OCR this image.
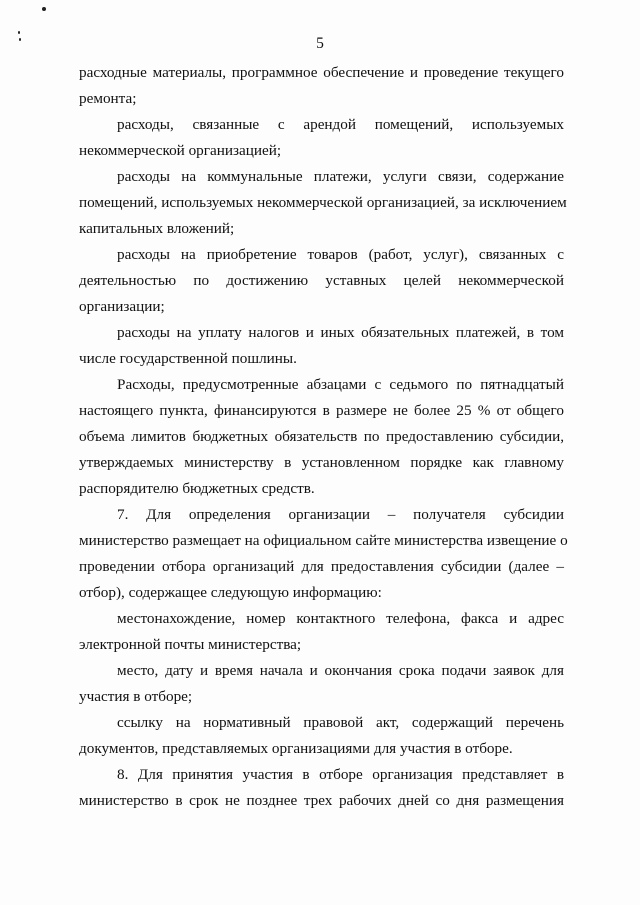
5
расходные материалы, программное обеспечение и проведение текущего
ремонта;
расходы, связанные с арендой помещений, используемых
некоммерческой организацией;
расходы на коммунальные платежи, услуги связи, содержание
помещений, используемых некоммерческой организацией, за исключением
капитальных вложений;
расходы на приобретение товаров (работ, услуг), связанных с
деятельностью по достижению уставных целей некоммерческой
организации;
расходы на уплату налогов и иных обязательных платежей, в том
числе государственной пошлины.
Расходы, предусмотренные абзацами с седьмого по пятнадцатый
настоящего пункта, финансируются в размере не более 25 % от общего
объема лимитов бюджетных обязательств по предоставлению субсидии,
утверждаемых министерству в установленном порядке как главному
распорядителю бюджетных средств.
7. Для определения организации – получателя субсидии
министерство размещает на официальном сайте министерства извещение о
проведении отбора организаций для предоставления субсидии (далее –
отбор), содержащее следующую информацию:
местонахождение, номер контактного телефона, факса и адрес
электронной почты министерства;
место, дату и время начала и окончания срока подачи заявок для
участия в отборе;
ссылку на нормативный правовой акт, содержащий перечень
документов, представляемых организациями для участия в отборе.
8. Для принятия участия в отборе организация представляет в
министерство в срок не позднее трех рабочих дней со дня размещения
